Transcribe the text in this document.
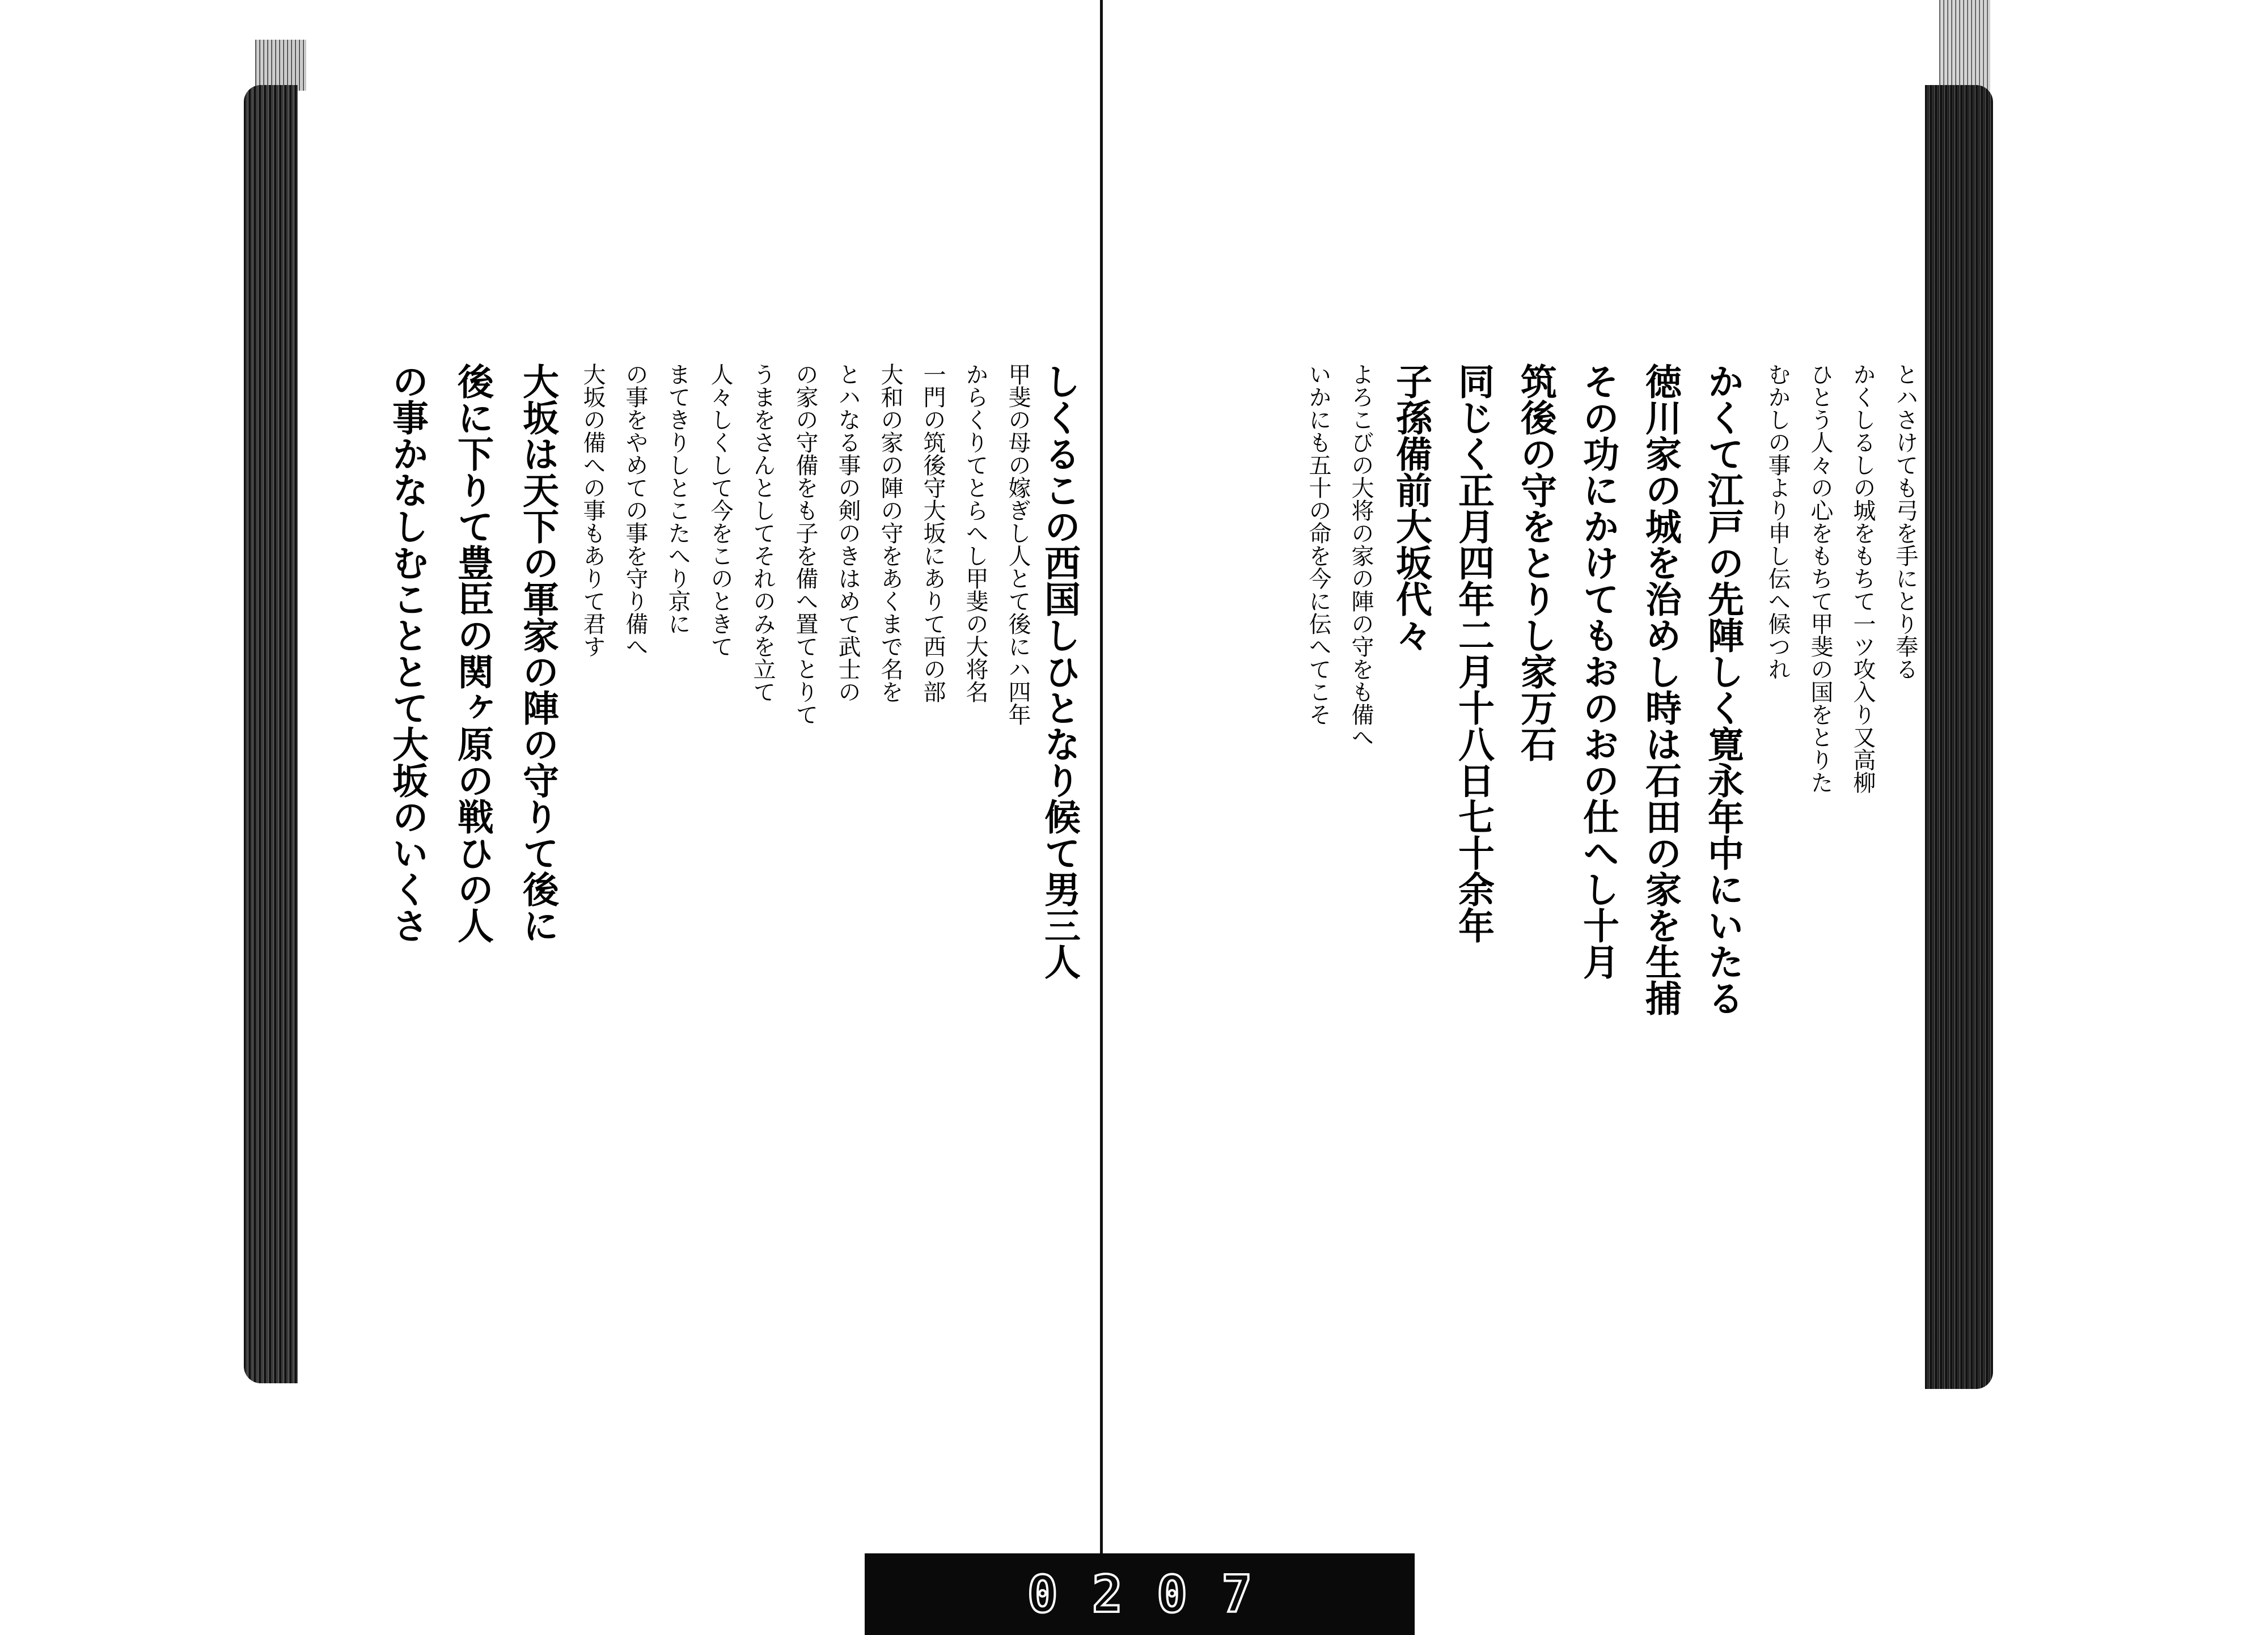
しくるこの西国しひとなり候て男三人
甲斐の母の嫁ぎし人とて後にハ四年
からくりてとらへし甲斐の大将名
一門の筑後守大坂にありて西の部
大和の家の陣の守をあくまで名を
とハなる事の剣のきはめて武士の
の家の守備をも子を備へ置てとりて
うまをさんとしてそれのみを立て
人々しくして今をこのときて
まてきりしとこたへり京に
の事をやめての事を守り備へ
大坂の備への事もありて君す
大坂は天下の軍家の陣の守りて後に
後に下りて豊臣の関ヶ原の戦ひの人
の事かなしむこととて大坂のいくさ	とハさけても弓を手にとり奉る
かくしるしの城をもちて一ツ攻入り又高柳
ひとう人々の心をもちて甲斐の国をとりた
むかしの事より申し伝へ候つれ
かくて江戸の先陣しく寛永年中にいたる
徳川家の城を治めし時は石田の家を生捕
その功にかけてもおのおの仕へし十月
筑後の守をとりし家万石
同じく正月四年二月十八日七十余年
子孫備前大坂代々
よろこびの大将の家の陣の守をも備へ
いかにも五十の命を今に伝へてこそ
0 2 0 7
